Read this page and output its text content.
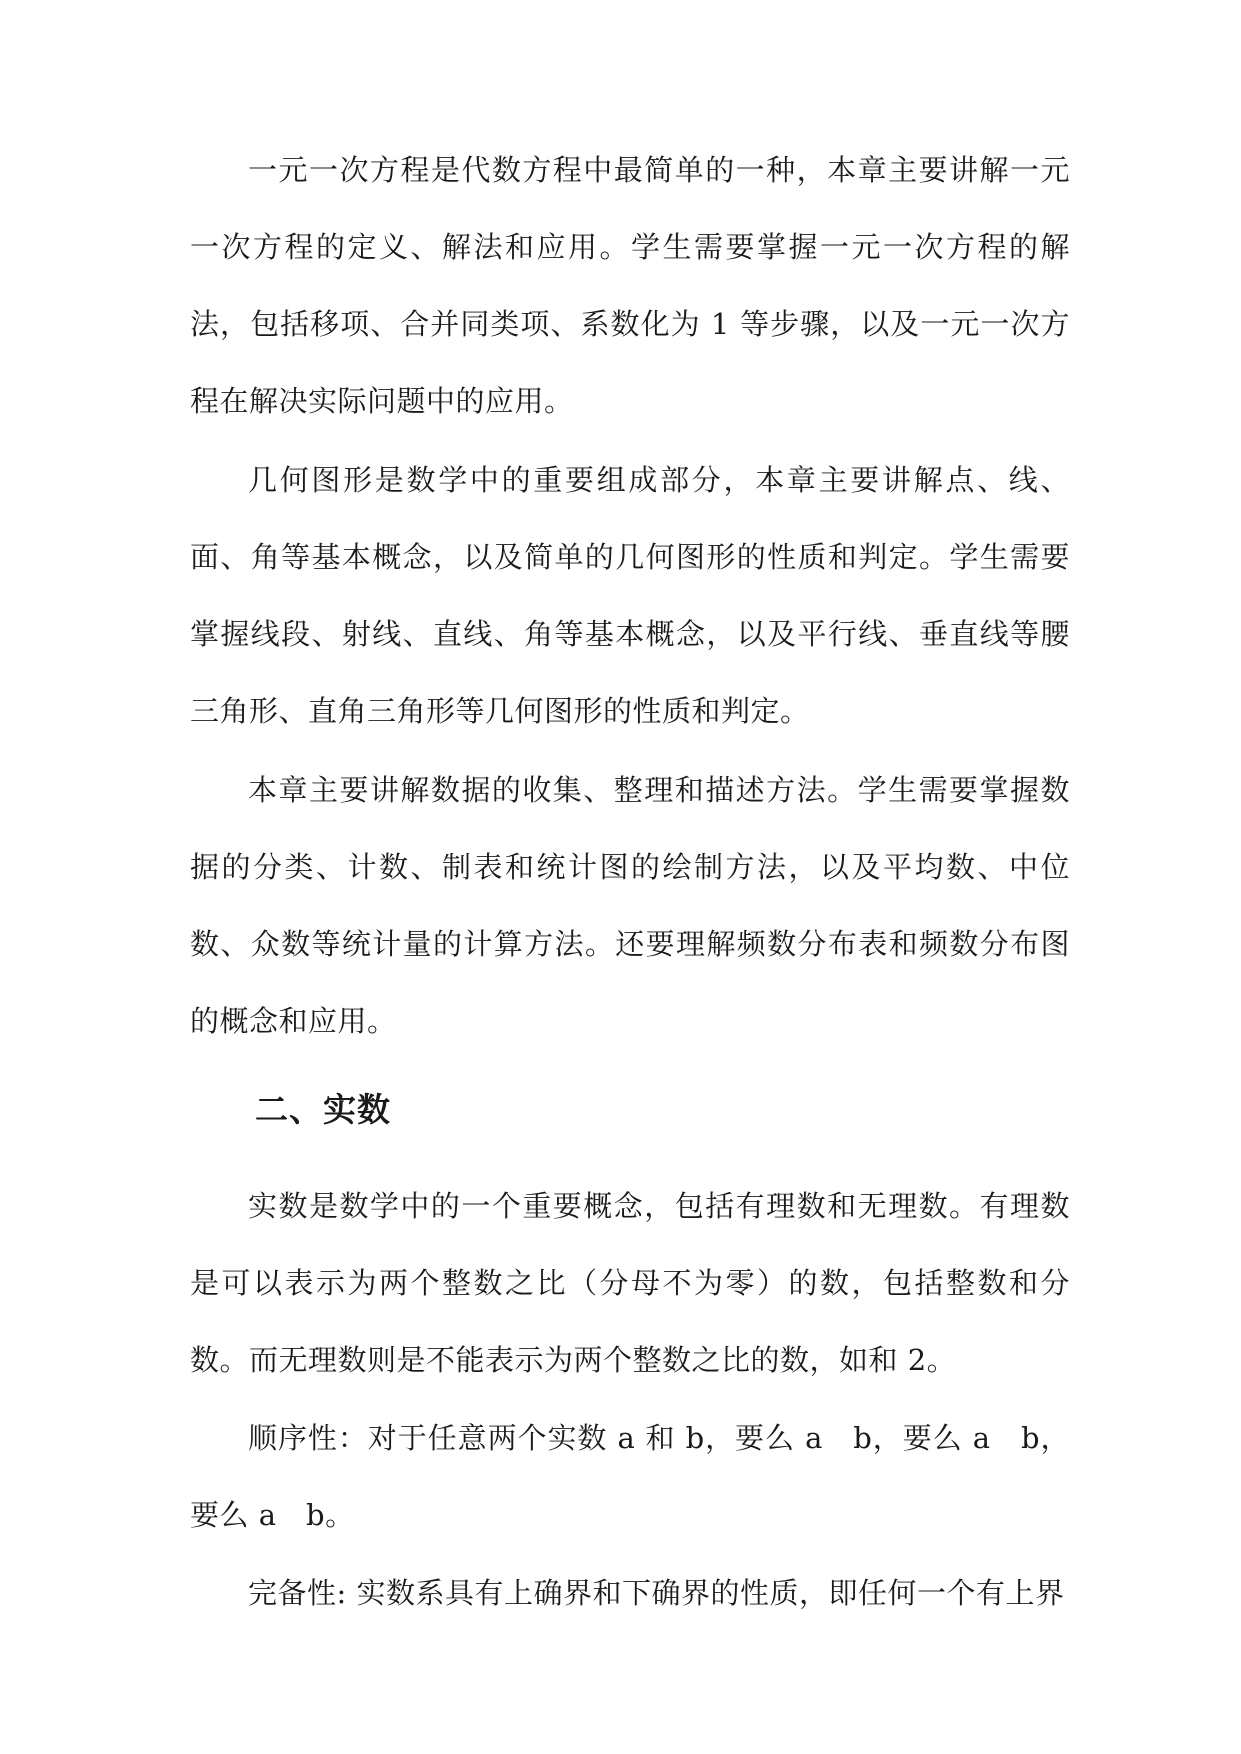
一元一次方程是代数方程中最简单的一种，本章主要讲解一元一次方程的定义、解法和应用。学生需要掌握一元一次方程的解法，包括移项、合并同类项、系数化为 1 等步骤，以及一元一次方程在解决实际问题中的应用。

几何图形是数学中的重要组成部分，本章主要讲解点、线、面、角等基本概念，以及简单的几何图形的性质和判定。学生需要掌握线段、射线、直线、角等基本概念，以及平行线、垂直线等腰三角形、直角三角形等几何图形的性质和判定。

本章主要讲解数据的收集、整理和描述方法。学生需要掌握数据的分类、计数、制表和统计图的绘制方法，以及平均数、中位数、众数等统计量的计算方法。还要理解频数分布表和频数分布图的概念和应用。

二、实数

实数是数学中的一个重要概念，包括有理数和无理数。有理数是可以表示为两个整数之比（分母不为零）的数，包括整数和分数。而无理数则是不能表示为两个整数之比的数，如和 2。

顺序性：对于任意两个实数 a 和 b，要么 a　b，要么 a　b，要么 a　b。

完备性: 实数系具有上确界和下确界的性质，即任何一个有上界
